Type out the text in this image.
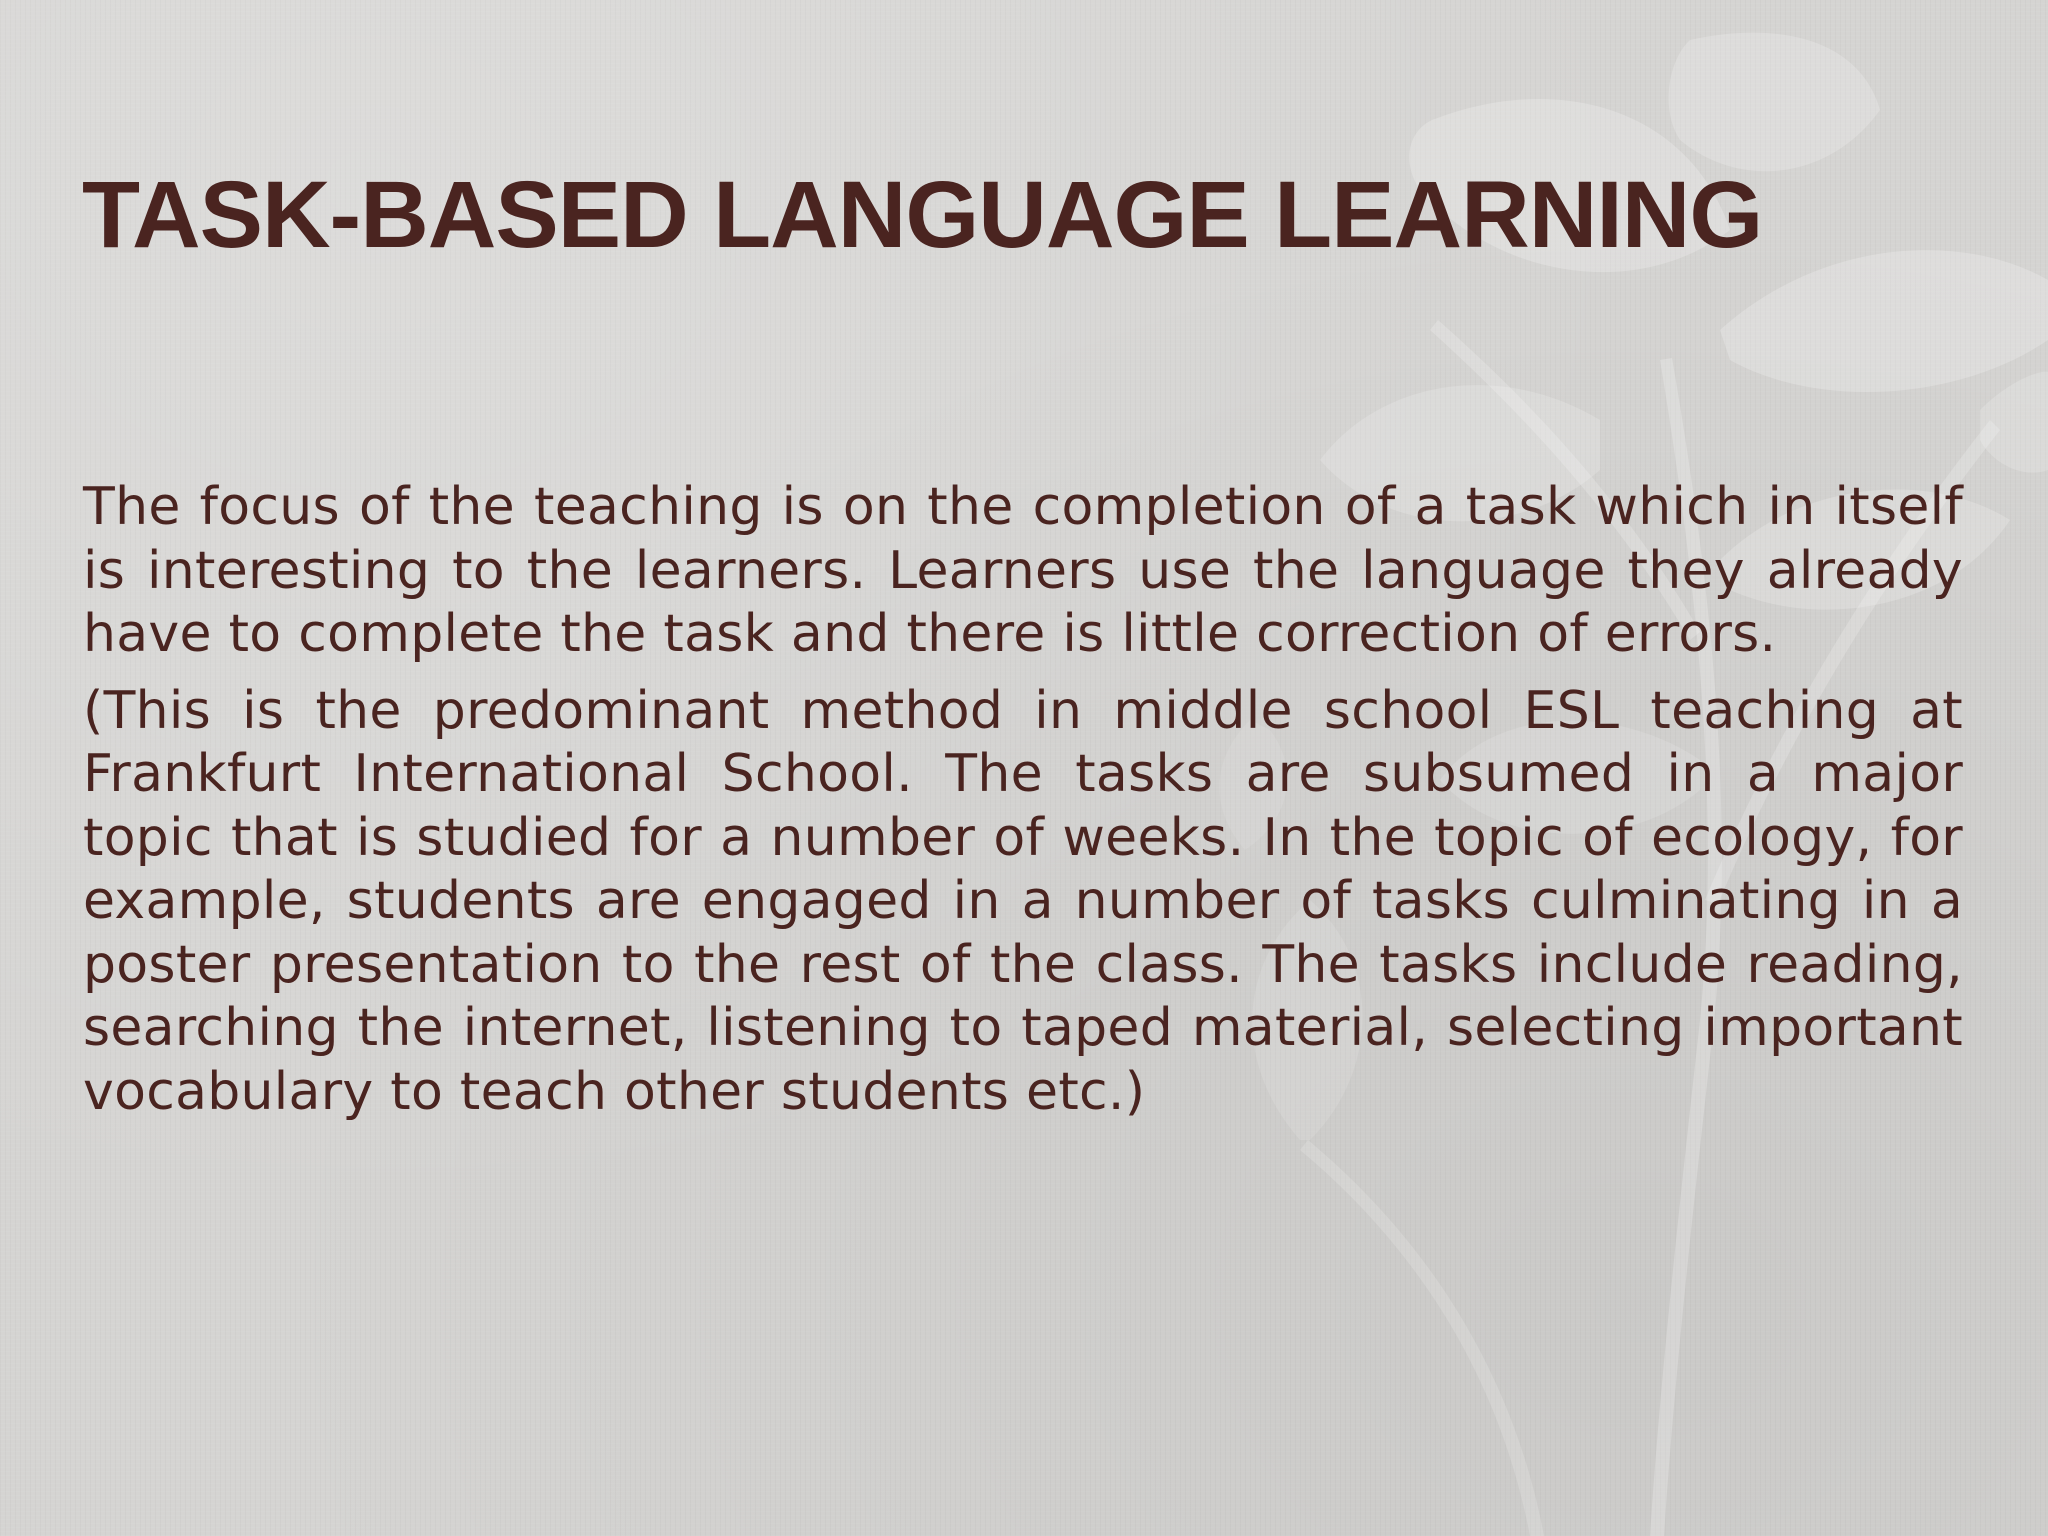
TASK-BASED LANGUAGE LEARNING

The focus of the teaching is on the completion of a task which in itself is interesting to the learners. Learners use the language they already have to complete the task and there is little correction of errors.

(This is the predominant method in middle school ESL teaching at Frankfurt International School. The tasks are subsumed in a major topic that is studied for a number of weeks. In the topic of ecology, for example, students are engaged in a number of tasks culminating in a poster presentation to the rest of the class. The tasks include reading, searching the internet, listening to taped material, selecting important vocabulary to teach other students etc.)
